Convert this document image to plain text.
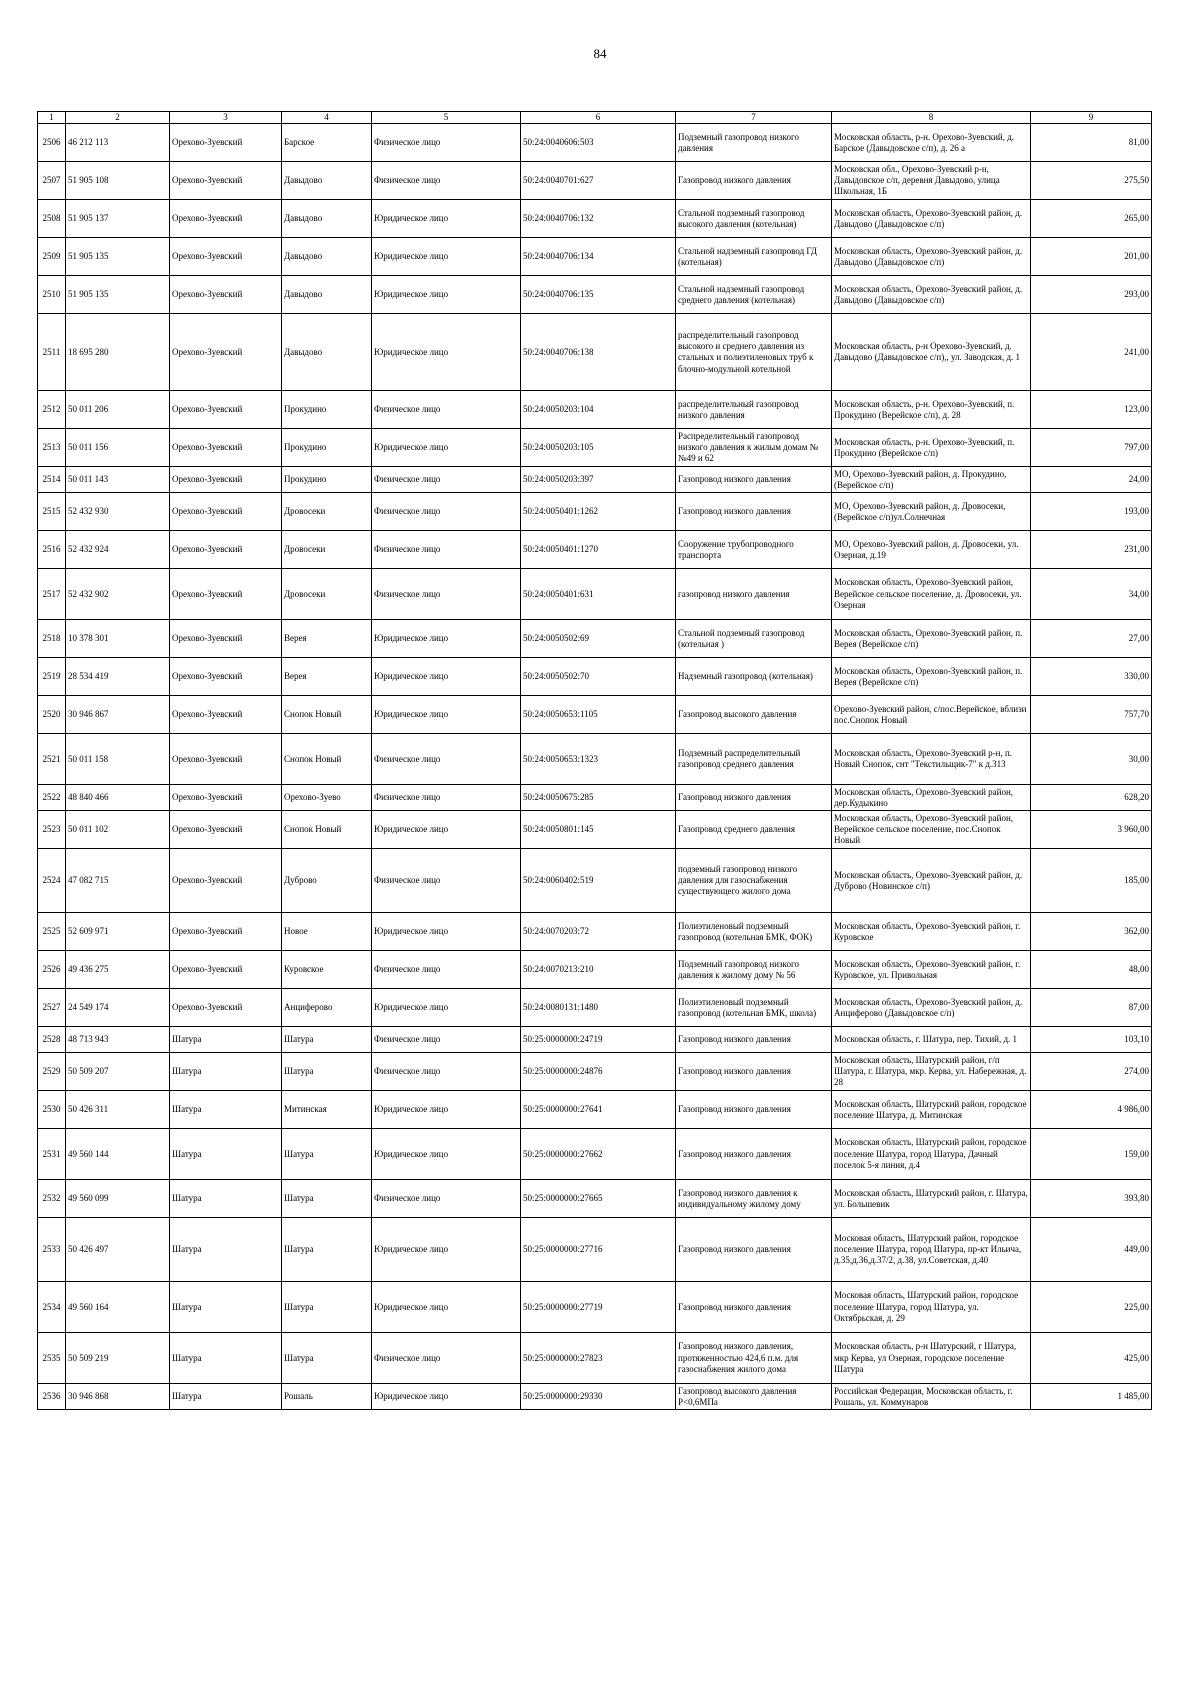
84
1	2	3	4	5	6	7	8	9
2506	46 212 113	Орехово-Зуевский	Барское	Физическое лицо	50:24:0040606:503	Подземный газопровод низкого давления	Московская область, р-н. Орехово-Зуевский, д. Барское (Давыдовское с/п), д. 26 а	81,00
2507	51 905 108	Орехово-Зуевский	Давыдово	Физическое лицо	50:24:0040701:627	Газопровод низкого давления	Московская обл., Орехово-Зуевский р-н, Давыдовское с/п, деревня Давыдово, улица Школьная, 1Б	275,50
2508	51 905 137	Орехово-Зуевский	Давыдово	Юридическое лицо	50:24:0040706:132	Стальной подземный газопровод высокого давления (котельная)	Московская область, Орехово-Зуевский район, д. Давыдово (Давыдовское с/п)	265,00
2509	51 905 135	Орехово-Зуевский	Давыдово	Юридическое лицо	50:24:0040706:134	Стальной надземный газопровод ГД (котельная)	Московская область, Орехово-Зуевский район, д. Давыдово (Давыдовское с/п)	201,00
2510	51 905 135	Орехово-Зуевский	Давыдово	Юридическое лицо	50:24:0040706:135	Стальной надземный газопровод среднего давления (котельная)	Московская область, Орехово-Зуевский район, д. Давыдово (Давыдовское с/п)	293,00
2511	18 695 280	Орехово-Зуевский	Давыдово	Юридическое лицо	50:24:0040706:138	распределительный газопровод высокого и среднего давления из стальных и полиэтиленовых труб к блочно-модульной котельной	Московская область, р-н Орехово-Зуевский, д. Давыдово (Давыдовское с/п),, ул. Заводская, д. 1	241,00
2512	50 011 206	Орехово-Зуевский	Прокудино	Физическое лицо	50:24:0050203:104	распределительный газопровод низкого давления	Московская область, р-н. Орехово-Зуевский, п. Прокудино (Верейское с/п), д. 28	123,00
2513	50 011 156	Орехово-Зуевский	Прокудино	Юридическое лицо	50:24:0050203:105	Распределительный газопровод низкого давления к жилым домам №№49 и 62	Московская область, р-н. Орехово-Зуевский, п. Прокудино (Верейское с/п)	797,00
2514	50 011 143	Орехово-Зуевский	Прокудино	Физическое лицо	50:24:0050203:397	Газопровод низкого давления	МО, Орехово-Зуевский район, д. Прокудино, (Верейское с/п)	24,00
2515	52 432 930	Орехово-Зуевский	Дровосеки	Физическое лицо	50:24:0050401:1262	Газопровод низкого давления	МО, Орехово-Зуевский район, д. Дровосеки, (Верейское с/п)ул.Солнечная	193,00
2516	52 432 924	Орехово-Зуевский	Дровосеки	Физическое лицо	50:24:0050401:1270	Сооружение трубопроводного транспорта	МО, Орехово-Зуевский район, д. Дровосеки, ул. Озерная, д.19	231,00
2517	52 432 902	Орехово-Зуевский	Дровосеки	Физическое лицо	50:24:0050401:631	газопровод низкого давления	Московская область, Орехово-Зуевский район, Верейское сельское поселение, д. Дровосеки, ул. Озерная	34,00
2518	10 378 301	Орехово-Зуевский	Верея	Юридическое лицо	50:24:0050502:69	Стальной подземный газопровод (котельная )	Московская область, Орехово-Зуевский район, п. Верея (Верейское с/п)	27,00
2519	28 534 419	Орехово-Зуевский	Верея	Юридическое лицо	50:24:0050502:70	Надземный газопровод (котельная)	Московская область, Орехово-Зуевский район, п. Верея (Верейское с/п)	330,00
2520	30 946 867	Орехово-Зуевский	Снопок Новый	Юридическое лицо	50:24:0050653:1105	Газопровод высокого давления	Орехово-Зуевский район, с/пос.Верейское, вблизи пос.Снопок Новый	757,70
2521	50 011 158	Орехово-Зуевский	Снопок Новый	Физическое лицо	50:24:0050653:1323	Подземный распределительный газопровод среднего давления	Московская область, Орехово-Зуевский р-н, п. Новый Снопок, снт "Текстильщик-7" к д.313	30,00
2522	48 840 466	Орехово-Зуевский	Орехово-Зуево	Физическое лицо	50:24:0050675:285	Газопровод низкого давления	Московская область, Орехово-Зуевский район, дер.Кудыкино	628,20
2523	50 011 102	Орехово-Зуевский	Снопок Новый	Юридическое лицо	50:24:0050801:145	Газопровод среднего давления	Московская область, Орехово-Зуевский район, Верейское сельское поселение, пос.Снопок Новый	3 960,00
2524	47 082 715	Орехово-Зуевский	Дуброво	Физическое лицо	50:24:0060402:519	подземный газопровод низкого давления для газоснабжения существующего жилого дома	Московская область, Орехово-Зуевский район, д. Дуброво (Новинское с/п)	185,00
2525	52 609 971	Орехово-Зуевский	Новое	Юридическое лицо	50:24:0070203:72	Полиэтиленовый подземный газопровод (котельная БМК, ФОК)	Московская область, Орехово-Зуевский район, г. Куровское	362,00
2526	49 436 275	Орехово-Зуевский	Куровское	Физическое лицо	50:24:0070213:210	Подземный газопровод низкого давления к жилому дому № 56	Московская область, Орехово-Зуевский район, г. Куровское, ул. Привольная	48,00
2527	24 549 174	Орехово-Зуевский	Анциферово	Юридическое лицо	50:24:0080131:1480	Полиэтиленовый подземный газопровод (котельная БМК, школа)	Московская область, Орехово-Зуевский район, д. Анциферово (Давыдовское с/п)	87,00
2528	48 713 943	Шатура	Шатура	Физическое лицо	50:25:0000000:24719	Газопровод низкого давления	Московская область, г. Шатура, пер. Тихий, д. 1	103,10
2529	50 509 207	Шатура	Шатура	Физическое лицо	50:25:0000000:24876	Газопровод низкого давления	Московская область, Шатурский район, г/п Шатура, г. Шатура, мкр. Керва, ул. Набережная, д. 28	274,00
2530	50 426 311	Шатура	Митинская	Юридическое лицо	50:25:0000000:27641	Газопровод низкого давления	Московская область, Шатурский район, городское поселение Шатура, д. Митинская	4 986,00
2531	49 560 144	Шатура	Шатура	Юридическое лицо	50:25:0000000:27662	Газопровод низкого давления	Московская область, Шатурский район, городское поселение Шатура, город Шатура, Дачный поселок 5-я линия, д.4	159,00
2532	49 560 099	Шатура	Шатура	Физическое лицо	50:25:0000000:27665	Газопровод низкого давления к индивидуальному жилому дому	Московская область, Шатурский район, г. Шатура, ул. Большевик	393,80
2533	50 426 497	Шатура	Шатура	Юридическое лицо	50:25:0000000:27716	Газопровод низкого давления	Московая область, Шатурский район, городское поселение Шатура, город Шатура, пр-кт Ильича, д.35,д.36,д.37/2, д.38, ул.Советская, д.40	449,00
2534	49 560 164	Шатура	Шатура	Юридическое лицо	50:25:0000000:27719	Газопровод низкого давления	Московая область, Шатурский район, городское поселение Шатура, город Шатура, ул. Октябрьская, д. 29	225,00
2535	50 509 219	Шатура	Шатура	Физическое лицо	50:25:0000000:27823	Газопровод низкого давления, протяженностью 424,6 п.м. для газоснабжения жилого дома	Московская область, р-н Шатурский, г Шатура, мкр Керва, ул Озерная, городское поселение Шатура	425,00
2536	30 946 868	Шатура	Рошаль	Юридическое лицо	50:25:0000000:29330	Газопровод высокого давления Р<0,6МПа	Российская Федерация, Московская область, г. Рошаль, ул. Коммунаров	1 485,00
